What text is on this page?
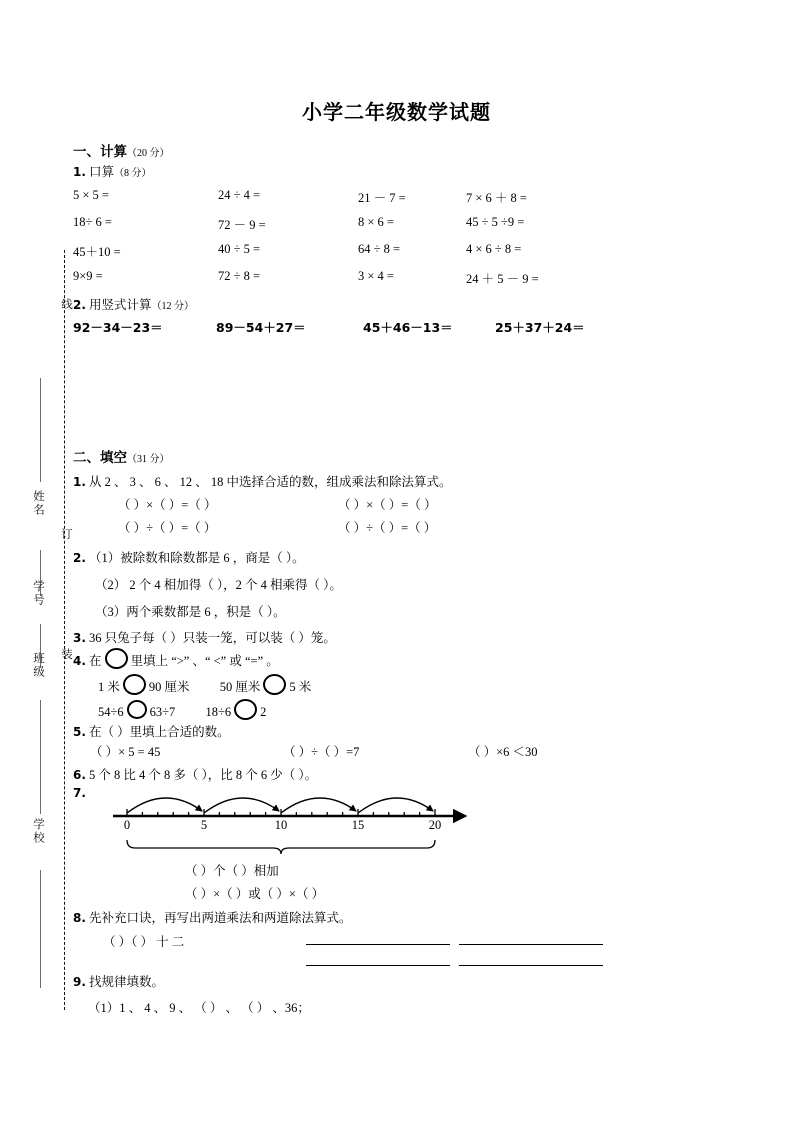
线
姓名
订
学号
班级 装
学校
小学二年级数学试题
一、计算（20 分）
1. 口算（8 分）
5 × 5 =	24 ÷ 4 =	21 － 7 =	7 × 6 ＋ 8 =
18÷ 6 =	72 － 9 =	8 × 6 =	45 ÷ 5 ÷9 =
45＋10 =	40 ÷ 5 =	64 ÷ 8 =	4 × 6 ÷ 8 =
9×9 =	72 ÷ 8 =	3 × 4 =	24 ＋ 5 － 9 =
2. 用竖式计算（12 分）
92－34－23＝	89－54＋27＝	45＋46－13＝	25＋37＋24＝
二、填空（31 分）
1. 从 2 、 3 、 6 、 12 、 18 中选择合适的数，组成乘法和除法算式。
（ ）×（ ）=（ ）	（ ）×（ ）=（ ）
（ ）÷（ ）=（ ）	（ ）÷（ ）=（ ）
2. （1）被除数和除数都是 6 ，商是（ ）。
（2） 2 个 4 相加得（ ），2 个 4 相乘得（ ）。
（3）两个乘数都是 6 ，积是（ ）。
3. 36 只兔子每（ ）只装一笼，可以装（ ）笼。
4. 在 里填上 “>” 、“ <” 或 “=” 。
1 米 90 厘米 50 厘米 5 米
54÷6 63÷7 18÷6 2
5. 在（ ）里填上合适的数。
（ ）× 5 = 45	（ ）÷（ ）=7	（ ）×6 ＜30
6. 5 个 8 比 4 个 8 多（ ），比 8 个 6 少（ ）。
7.
0	5	10	15	20
（ ）个（ ）相加
（ ）×（ ）或（ ）×（ ）
8. 先补充口诀，再写出两道乘法和两道除法算式。
（ ）（ ） 十 二
9. 找规律填数。
（1）1 、 4 、 9 、 （ ） 、 （ ） 、36；
